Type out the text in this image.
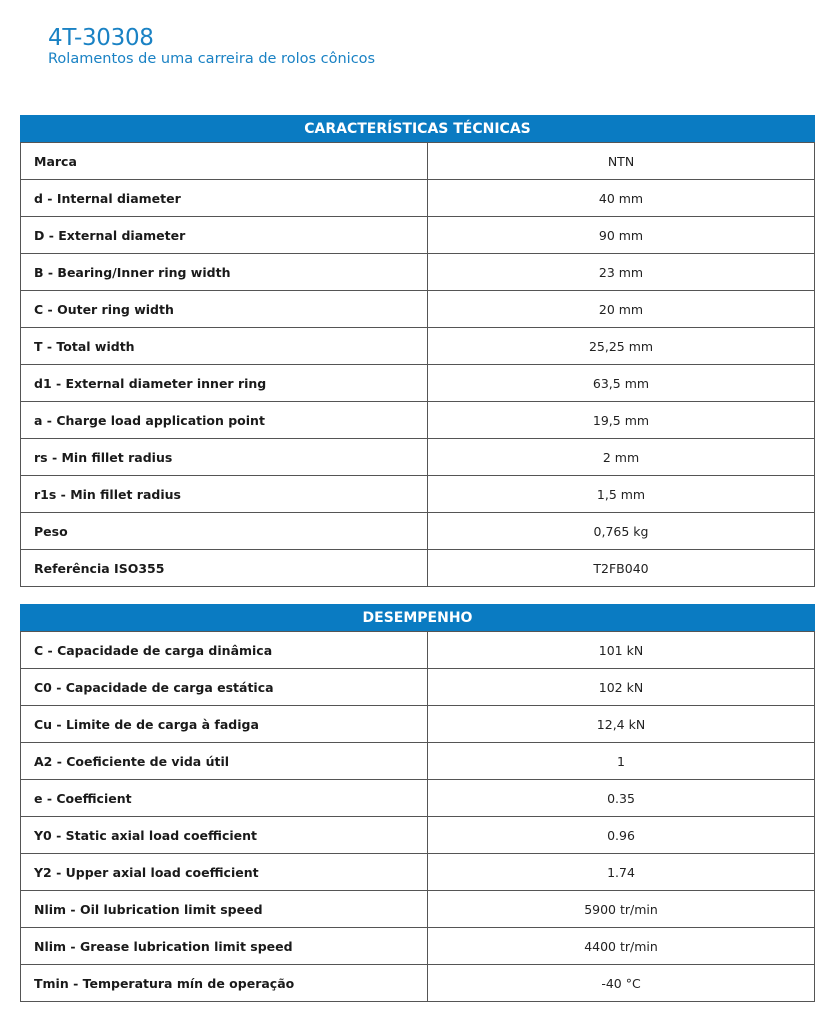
4T-30308
Rolamentos de uma carreira de rolos cônicos
CARACTERÍSTICAS TÉCNICAS
Marca	NTN
d - Internal diameter	40 mm
D - External diameter	90 mm
B - Bearing/Inner ring width	23 mm
C - Outer ring width	20 mm
T - Total width	25,25 mm
d1 - External diameter inner ring	63,5 mm
a - Charge load application point	19,5 mm
rs - Min fillet radius	2 mm
r1s - Min fillet radius	1,5 mm
Peso	0,765 kg
Referência ISO355	T2FB040
DESEMPENHO
C - Capacidade de carga dinâmica	101 kN
C0 - Capacidade de carga estática	102 kN
Cu - Limite de de carga à fadiga	12,4 kN
A2 - Coeficiente de vida útil	1
e - Coefficient	0.35
Y0 - Static axial load coefficient	0.96
Y2 - Upper axial load coefficient	1.74
Nlim - Oil lubrication limit speed	5900 tr/min
Nlim - Grease lubrication limit speed	4400 tr/min
Tmin - Temperatura mín de operação	-40 °C
